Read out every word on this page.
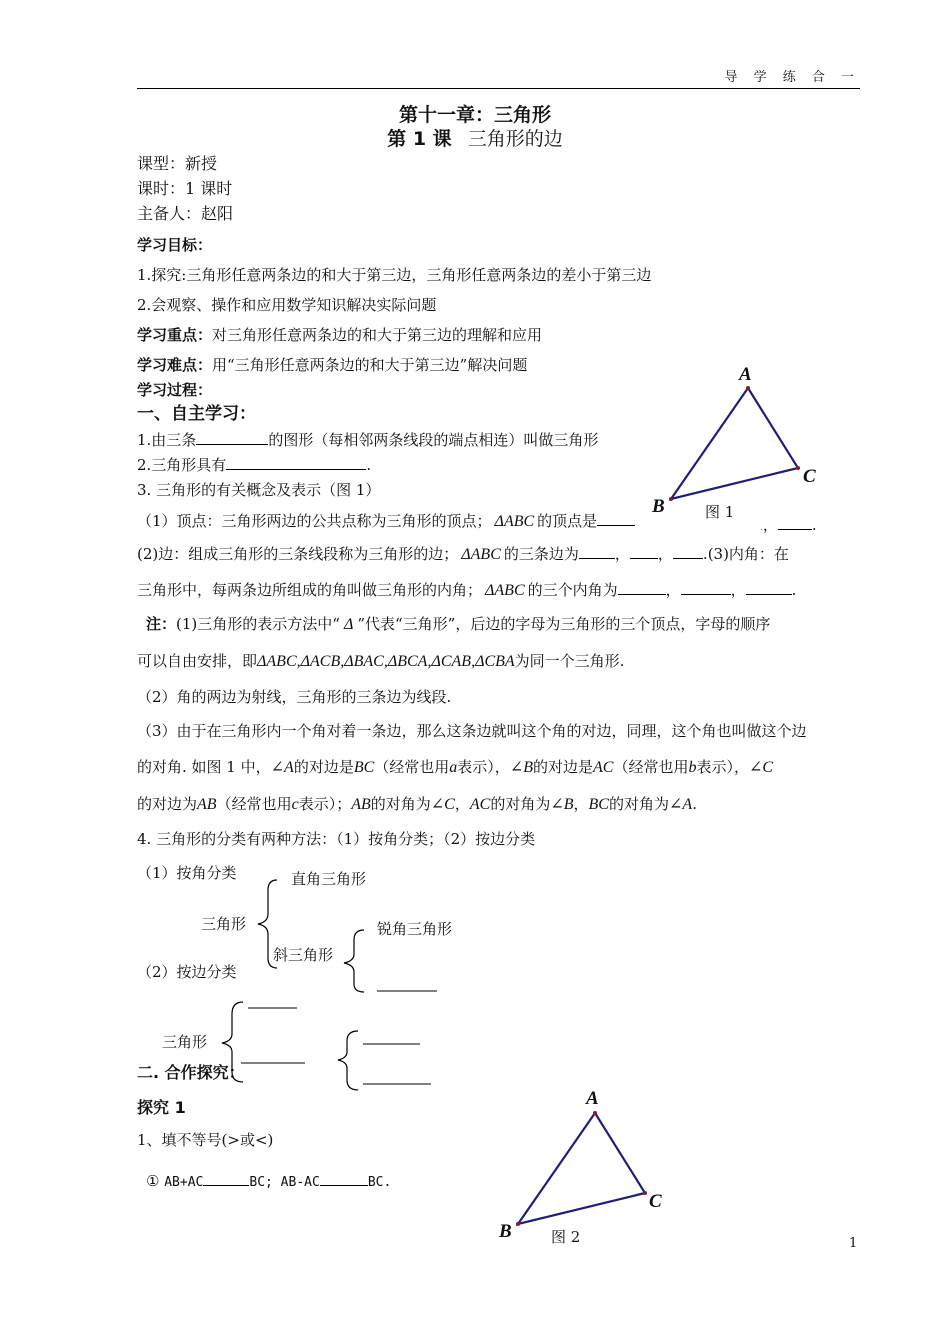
导 学 练 合 一
第十一章：三角形
第 1 课 三角形的边
课型：新授
课时：1 课时
主备人：赵阳
学习目标：
1.探究:三角形任意两条边的和大于第三边，三角形任意两条边的差小于第三边
2.会观察、操作和应用数学知识解决实际问题
学习重点：对三角形任意两条边的和大于第三边的理解和应用
学习难点：用“三角形任意两条边的和大于第三边”解决问题
学习过程：
一、自主学习：
1.由三条	的图形（每相邻两条线段的端点相连）叫做三角形
2.三角形具有	.
3. 三角形的有关概念及表示（图 1）
（1）顶点：三角形两边的公共点称为三角形的顶点； ΔABC 的顶点是	.， .
(2)边：组成三角形的三条线段称为三角形的边； ΔABC 的三条边为 ， ， .(3)内角：在
三角形中，每两条边所组成的角叫做三角形的内角； ΔABC 的三个内角为	，	，	.
注：(1)三角形的表示方法中“ Δ ”代表“三角形”，后边的字母为三角形的三个顶点，字母的顺序
可以自由安排，即ΔABC,ΔACB,ΔBAC,ΔBCA,ΔCAB,ΔCBA为同一个三角形.
（2）角的两边为射线，三角形的三条边为线段.
（3）由于在三角形内一个角对着一条边，那么这条边就叫这个角的对边，同理，这个角也叫做这个边
的对角. 如图 1 中，∠A的对边是BC（经常也用a表示），∠B的对边是AC（经常也用b表示），∠C
的对边为AB（经常也用c表示）；AB的对角为∠C，AC的对角为∠B，BC的对角为∠A.
4. 三角形的分类有两种方法：（1）按角分类；（2）按边分类
（1）按角分类	直角三角形
三角形	锐角三角形
斜三角形
（2）按边分类
三角形
二. 合作探究：
探究 1
1、填不等号(>或<)
① AB+AC	BC; AB-AC	BC.
A
C
B	图 1
A
C
B	图 2	1
